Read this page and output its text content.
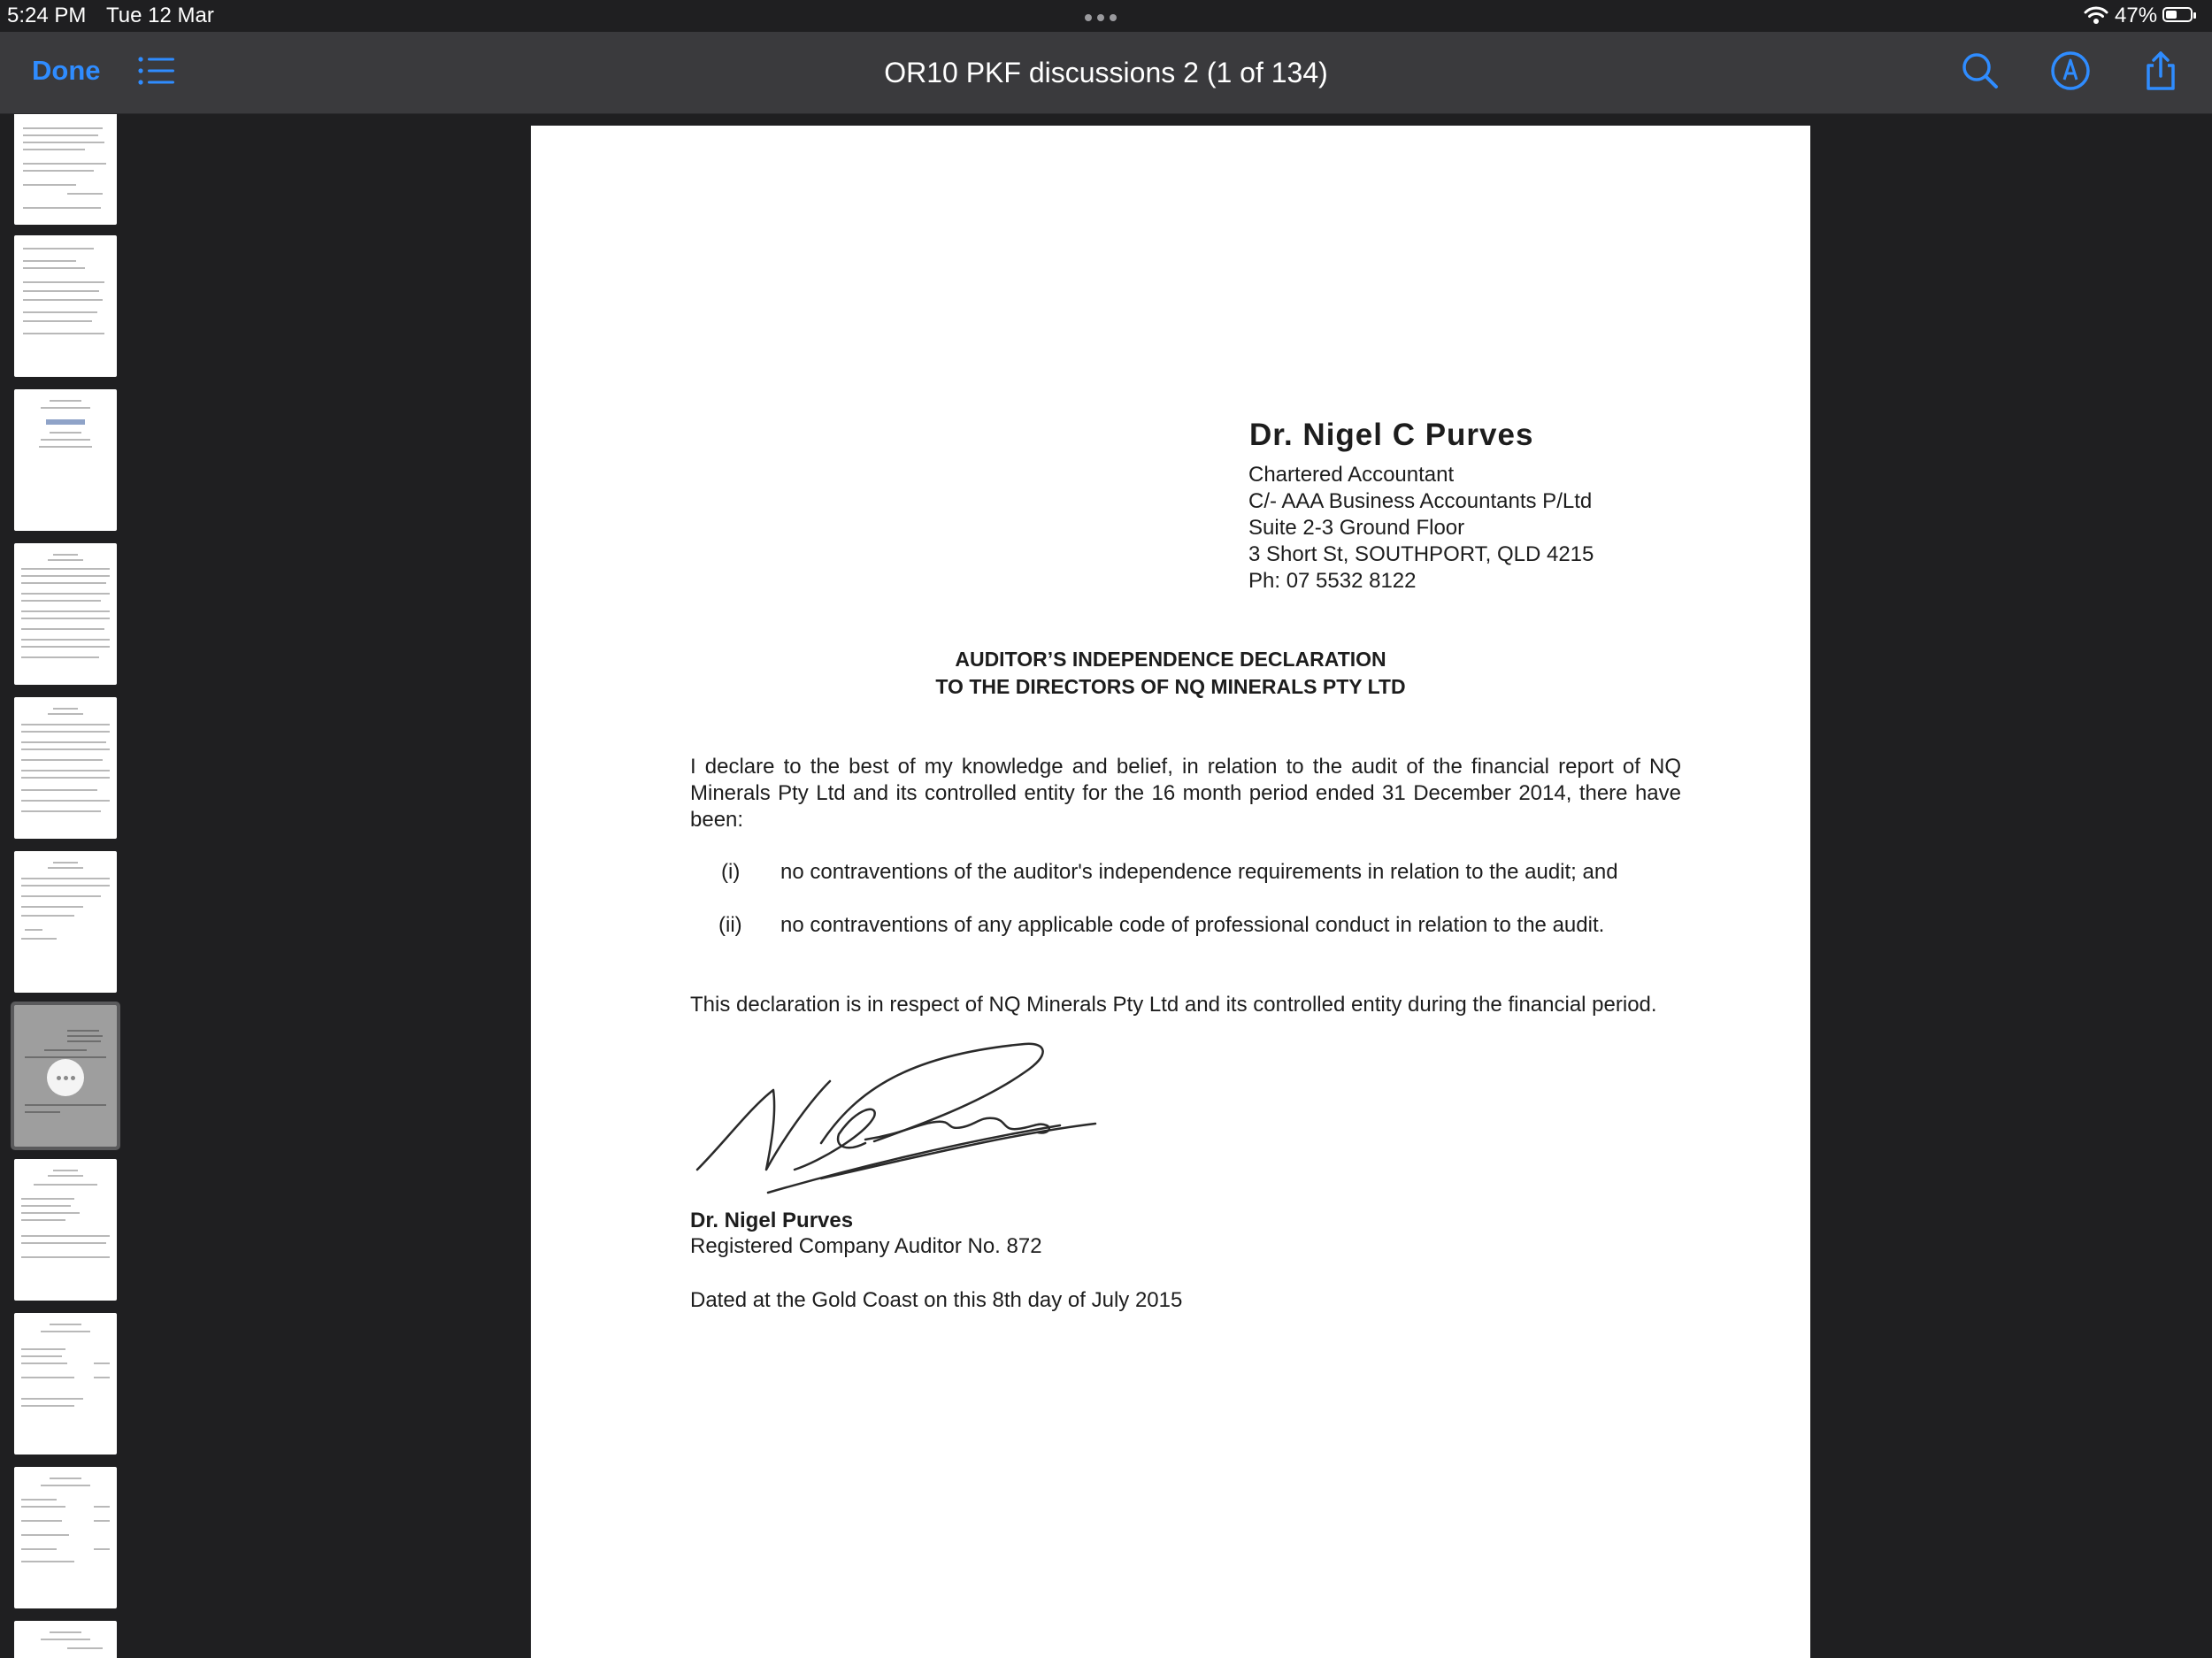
5:24 PM Tue 12 Mar	47%
Done	OR10 PKF discussions 2 (1 of 134)
Dr. Nigel C Purves
Chartered Accountant
C/- AAA Business Accountants P/Ltd
Suite 2-3 Ground Floor
3 Short St, SOUTHPORT, QLD 4215
Ph: 07 5532 8122
AUDITOR’S INDEPENDENCE DECLARATION
TO THE DIRECTORS OF NQ MINERALS PTY LTD
I declare to the best of my knowledge and belief, in relation to the audit of the financial report of NQ Minerals Pty Ltd and its controlled entity for the 16 month period ended 31 December 2014, there have been:
(i) no contraventions of the auditor's independence requirements in relation to the audit; and
(ii) no contraventions of any applicable code of professional conduct in relation to the audit.
This declaration is in respect of NQ Minerals Pty Ltd and its controlled entity during the financial period.
Dr. Nigel Purves
Registered Company Auditor No. 872
Dated at the Gold Coast on this 8th day of July 2015
